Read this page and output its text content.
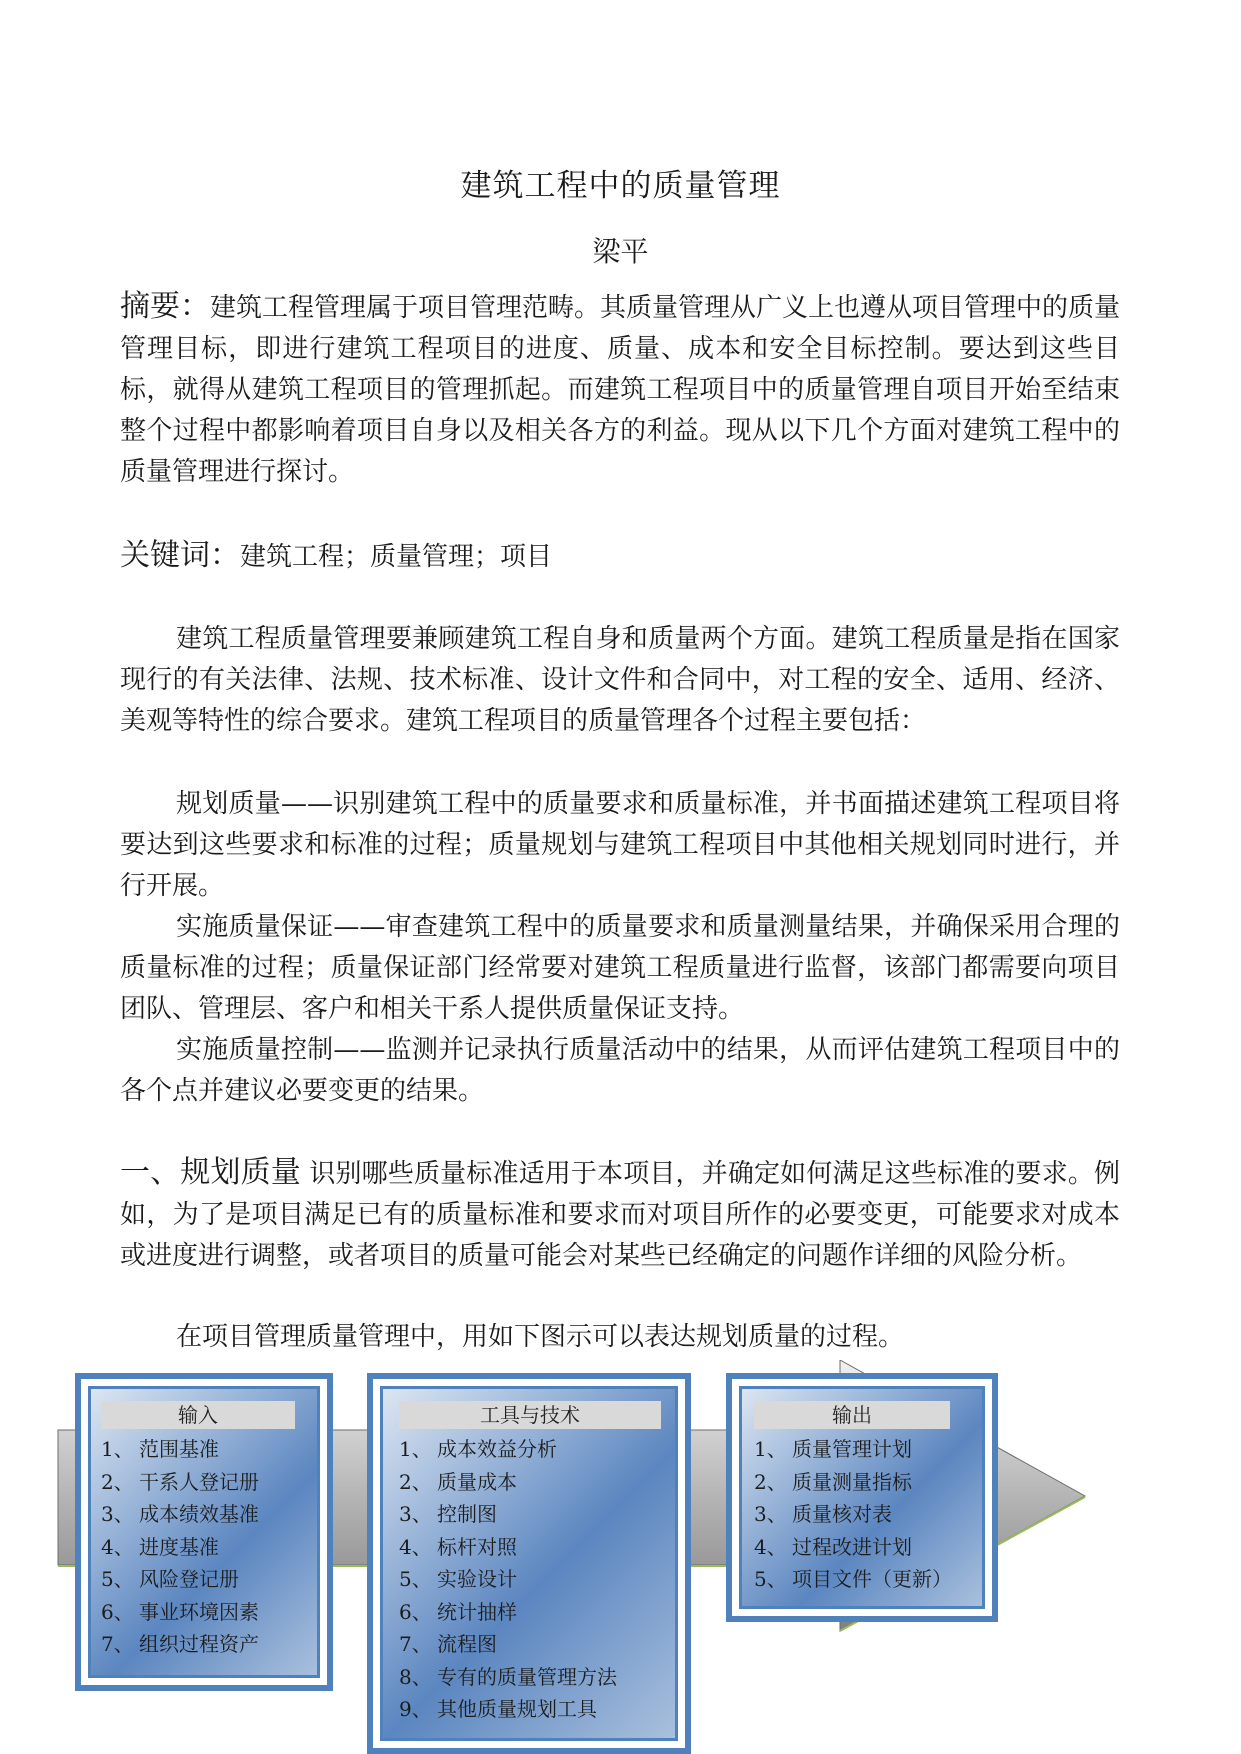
建筑工程中的质量管理
梁平

摘要：建筑工程管理属于项目管理范畴。其质量管理从广义上也遵从项目管理中的质量管理目标，即进行建筑工程项目的进度、质量、成本和安全目标控制。要达到这些目标，就得从建筑工程项目的管理抓起。而建筑工程项目中的质量管理自项目开始至结束整个过程中都影响着项目自身以及相关各方的利益。现从以下几个方面对建筑工程中的质量管理进行探讨。

关键词：建筑工程；质量管理；项目

建筑工程质量管理要兼顾建筑工程自身和质量两个方面。建筑工程质量是指在国家现行的有关法律、法规、技术标准、设计文件和合同中，对工程的安全、适用、经济、美观等特性的综合要求。建筑工程项目的质量管理各个过程主要包括：

规划质量——识别建筑工程中的质量要求和质量标准，并书面描述建筑工程项目将要达到这些要求和标准的过程；质量规划与建筑工程项目中其他相关规划同时进行，并行开展。

实施质量保证——审查建筑工程中的质量要求和质量测量结果，并确保采用合理的质量标准的过程；质量保证部门经常要对建筑工程质量进行监督，该部门都需要向项目团队、管理层、客户和相关干系人提供质量保证支持。

实施质量控制——监测并记录执行质量活动中的结果，从而评估建筑工程项目中的各个点并建议必要变更的结果。

一、规划质量 识别哪些质量标准适用于本项目，并确定如何满足这些标准的要求。例如，为了是项目满足已有的质量标准和要求而对项目所作的必要变更，可能要求对成本或进度进行调整，或者项目的质量可能会对某些已经确定的问题作详细的风险分析。

在项目管理质量管理中，用如下图示可以表达规划质量的过程。

输入
1、 范围基准
2、 干系人登记册
3、 成本绩效基准
4、 进度基准
5、 风险登记册
6、 事业环境因素
7、 组织过程资产
工具与技术
1、 成本效益分析
2、 质量成本
3、 控制图
4、 标杆对照
5、 实验设计
6、 统计抽样
7、 流程图
8、 专有的质量管理方法
9、 其他质量规划工具
输出
1、 质量管理计划
2、 质量测量指标
3、 质量核对表
4、 过程改进计划
5、 项目文件（更新）
